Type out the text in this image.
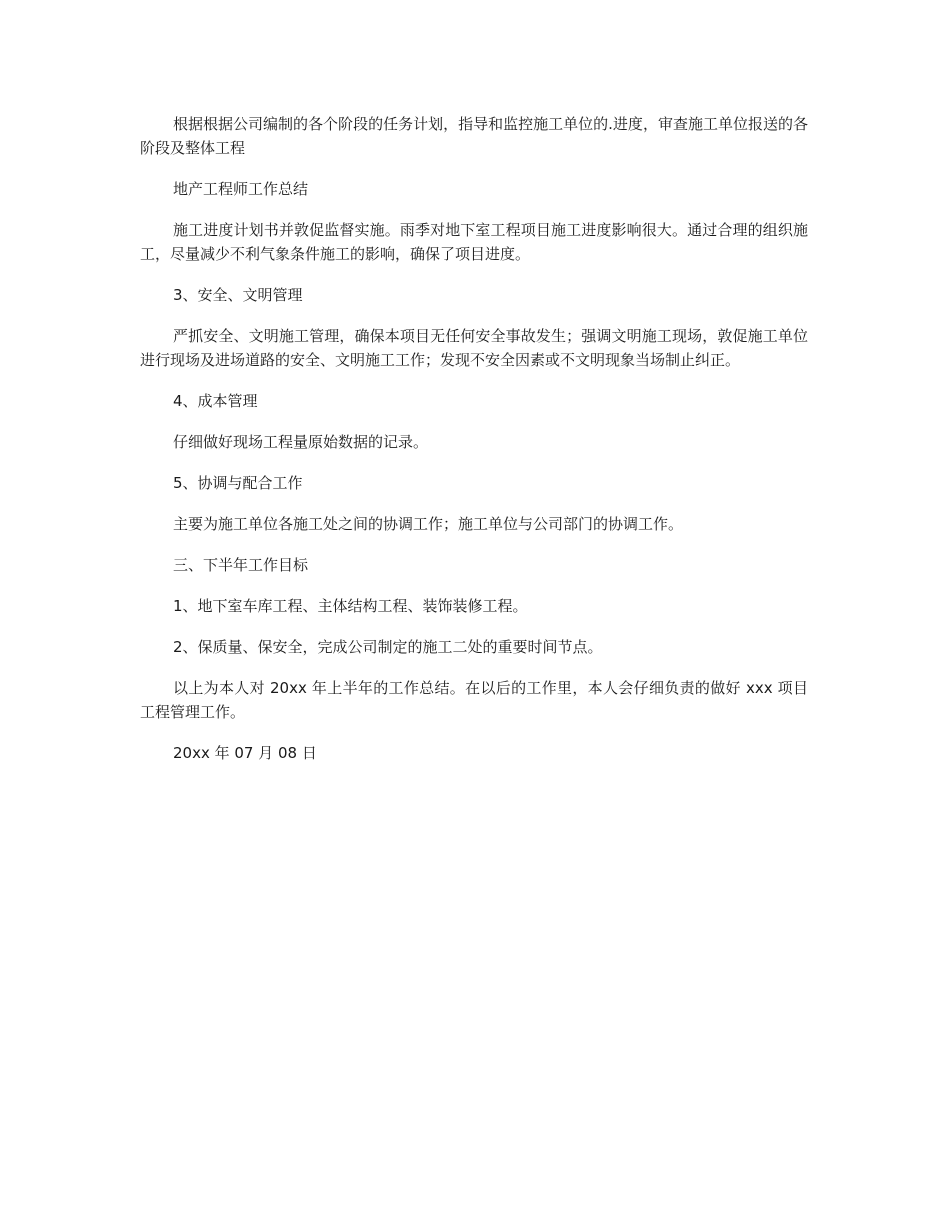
根据根据公司编制的各个阶段的任务计划，指导和监控施工单位的.进度，审查施工单位报送的各阶段及整体工程

地产工程师工作总结

施工进度计划书并敦促监督实施。雨季对地下室工程项目施工进度影响很大。通过合理的组织施工，尽量减少不利气象条件施工的影响，确保了项目进度。

3、安全、文明管理

严抓安全、文明施工管理，确保本项目无任何安全事故发生；强调文明施工现场，敦促施工单位进行现场及进场道路的安全、文明施工工作；发现不安全因素或不文明现象当场制止纠正。

4、成本管理

仔细做好现场工程量原始数据的记录。

5、协调与配合工作

主要为施工单位各施工处之间的协调工作；施工单位与公司部门的协调工作。

三、下半年工作目标

1、地下室车库工程、主体结构工程、装饰装修工程。

2、保质量、保安全，完成公司制定的施工二处的重要时间节点。

以上为本人对 20xx 年上半年的工作总结。在以后的工作里，本人会仔细负责的做好 xxx 项目工程管理工作。

20xx 年 07 月 08 日
